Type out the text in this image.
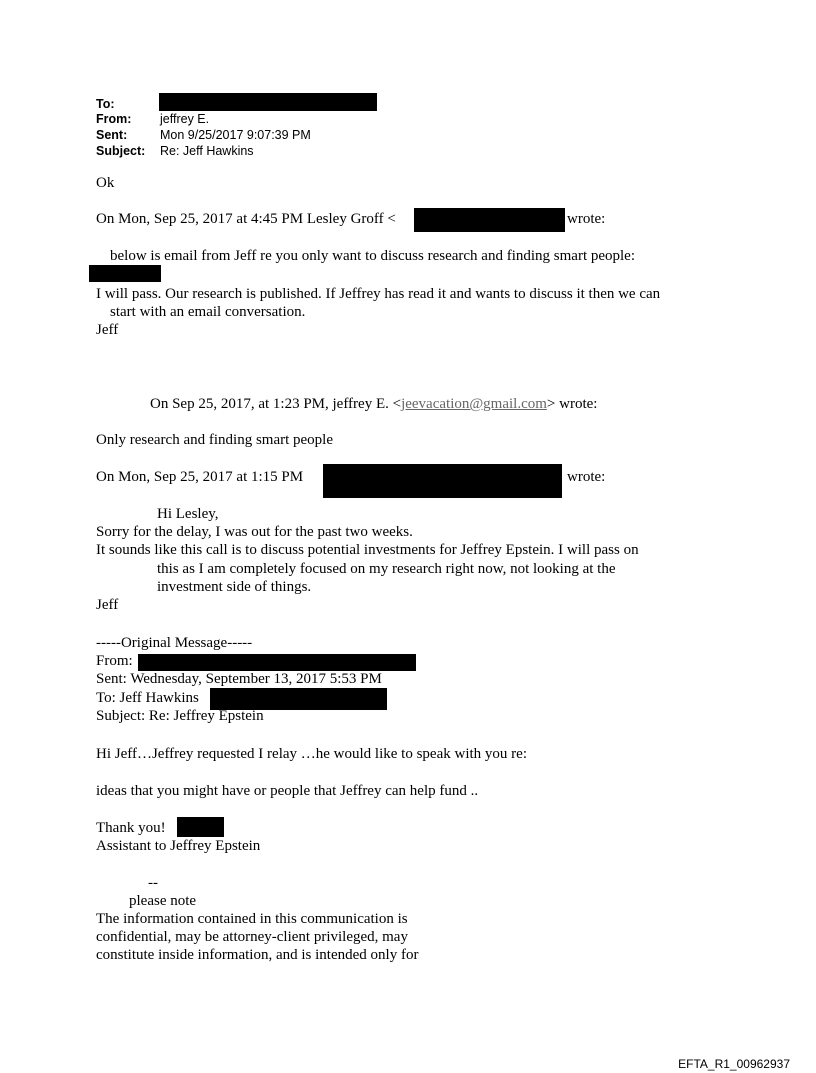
To:
From: jeffrey E.
Sent:	Mon 9/25/2017 9:07:39 PM
Subject: Re: Jeff Hawkins
Ok
On Mon, Sep 25, 2017 at 4:45 PM Lesley Groff <	wrote:
below is email from Jeff re you only want to discuss research and finding smart people:
I will pass. Our research is published. If Jeffrey has read it and wants to discuss it then we can
start with an email conversation.
Jeff
On Sep 25, 2017, at 1:23 PM, jeffrey E. <jeevacation@gmail.com> wrote:
Only research and finding smart people
On Mon, Sep 25, 2017 at 1:15 PM	wrote:
Hi Lesley,
Sorry for the delay, I was out for the past two weeks.
It sounds like this call is to discuss potential investments for Jeffrey Epstein. I will pass on
this as I am completely focused on my research right now, not looking at the
investment side of things.
Jeff
-----Original Message-----
From:
Sent: Wednesday, September 13, 2017 5:53 PM
To: Jeff Hawkins
Subject: Re: Jeffrey Epstein
Hi Jeff…Jeffrey requested I relay …he would like to speak with you re:
ideas that you might have or people that Jeffrey can help fund ..
Thank you!
Assistant to Jeffrey Epstein
--
please note
The information contained in this communication is
confidential, may be attorney-client privileged, may
constitute inside information, and is intended only for
EFTA_R1_00962937
